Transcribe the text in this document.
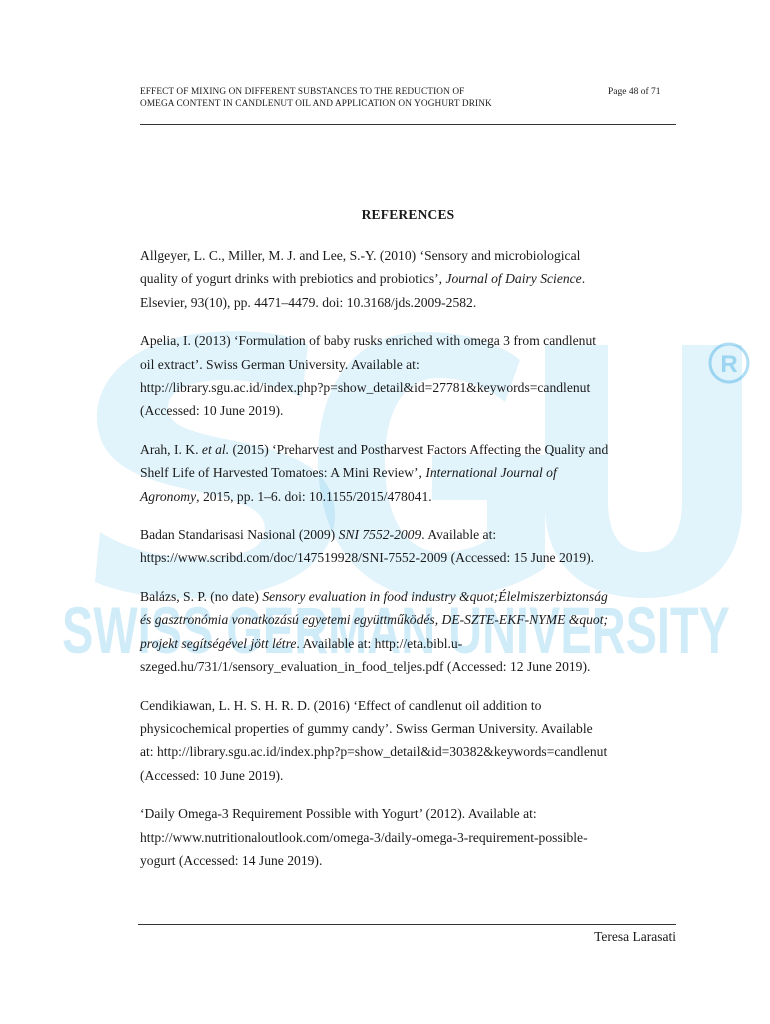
R
SWISS GERMAN UNIVERSITY
EFFECT OF MIXING ON DIFFERENT SUBSTANCES TO THE REDUCTION OF
OMEGA CONTENT IN CANDLENUT OIL AND APPLICATION ON YOGHURT DRINK
Page 48 of 71
REFERENCES
Allgeyer, L. C., Miller, M. J. and Lee, S.-Y. (2010) ‘Sensory and microbiological
quality of yogurt drinks with prebiotics and probiotics’, Journal of Dairy Science.
Elsevier, 93(10), pp. 4471–4479. doi: 10.3168/jds.2009-2582.
Apelia, I. (2013) ‘Formulation of baby rusks enriched with omega 3 from candlenut
oil extract’. Swiss German University. Available at:
http://library.sgu.ac.id/index.php?p=show_detail&id=27781&keywords=candlenut
(Accessed: 10 June 2019).
Arah, I. K. et al. (2015) ‘Preharvest and Postharvest Factors Affecting the Quality and
Shelf Life of Harvested Tomatoes: A Mini Review’, International Journal of
Agronomy, 2015, pp. 1–6. doi: 10.1155/2015/478041.
Badan Standarisasi Nasional (2009) SNI 7552-2009. Available at:
https://www.scribd.com/doc/147519928/SNI-7552-2009 (Accessed: 15 June 2019).
Balázs, S. P. (no date) Sensory evaluation in food industry &quot;Élelmiszerbiztonság
és gasztronómia vonatkozású egyetemi együttműködés, DE-SZTE-EKF-NYME &quot;
projekt segítségével jött létre. Available at: http://eta.bibl.u-
szeged.hu/731/1/sensory_evaluation_in_food_teljes.pdf (Accessed: 12 June 2019).
Cendikiawan, L. H. S. H. R. D. (2016) ‘Effect of candlenut oil addition to
physicochemical properties of gummy candy’. Swiss German University. Available
at: http://library.sgu.ac.id/index.php?p=show_detail&id=30382&keywords=candlenut
(Accessed: 10 June 2019).
‘Daily Omega-3 Requirement Possible with Yogurt’ (2012). Available at:
http://www.nutritionaloutlook.com/omega-3/daily-omega-3-requirement-possible-
yogurt (Accessed: 14 June 2019).
Teresa Larasati
